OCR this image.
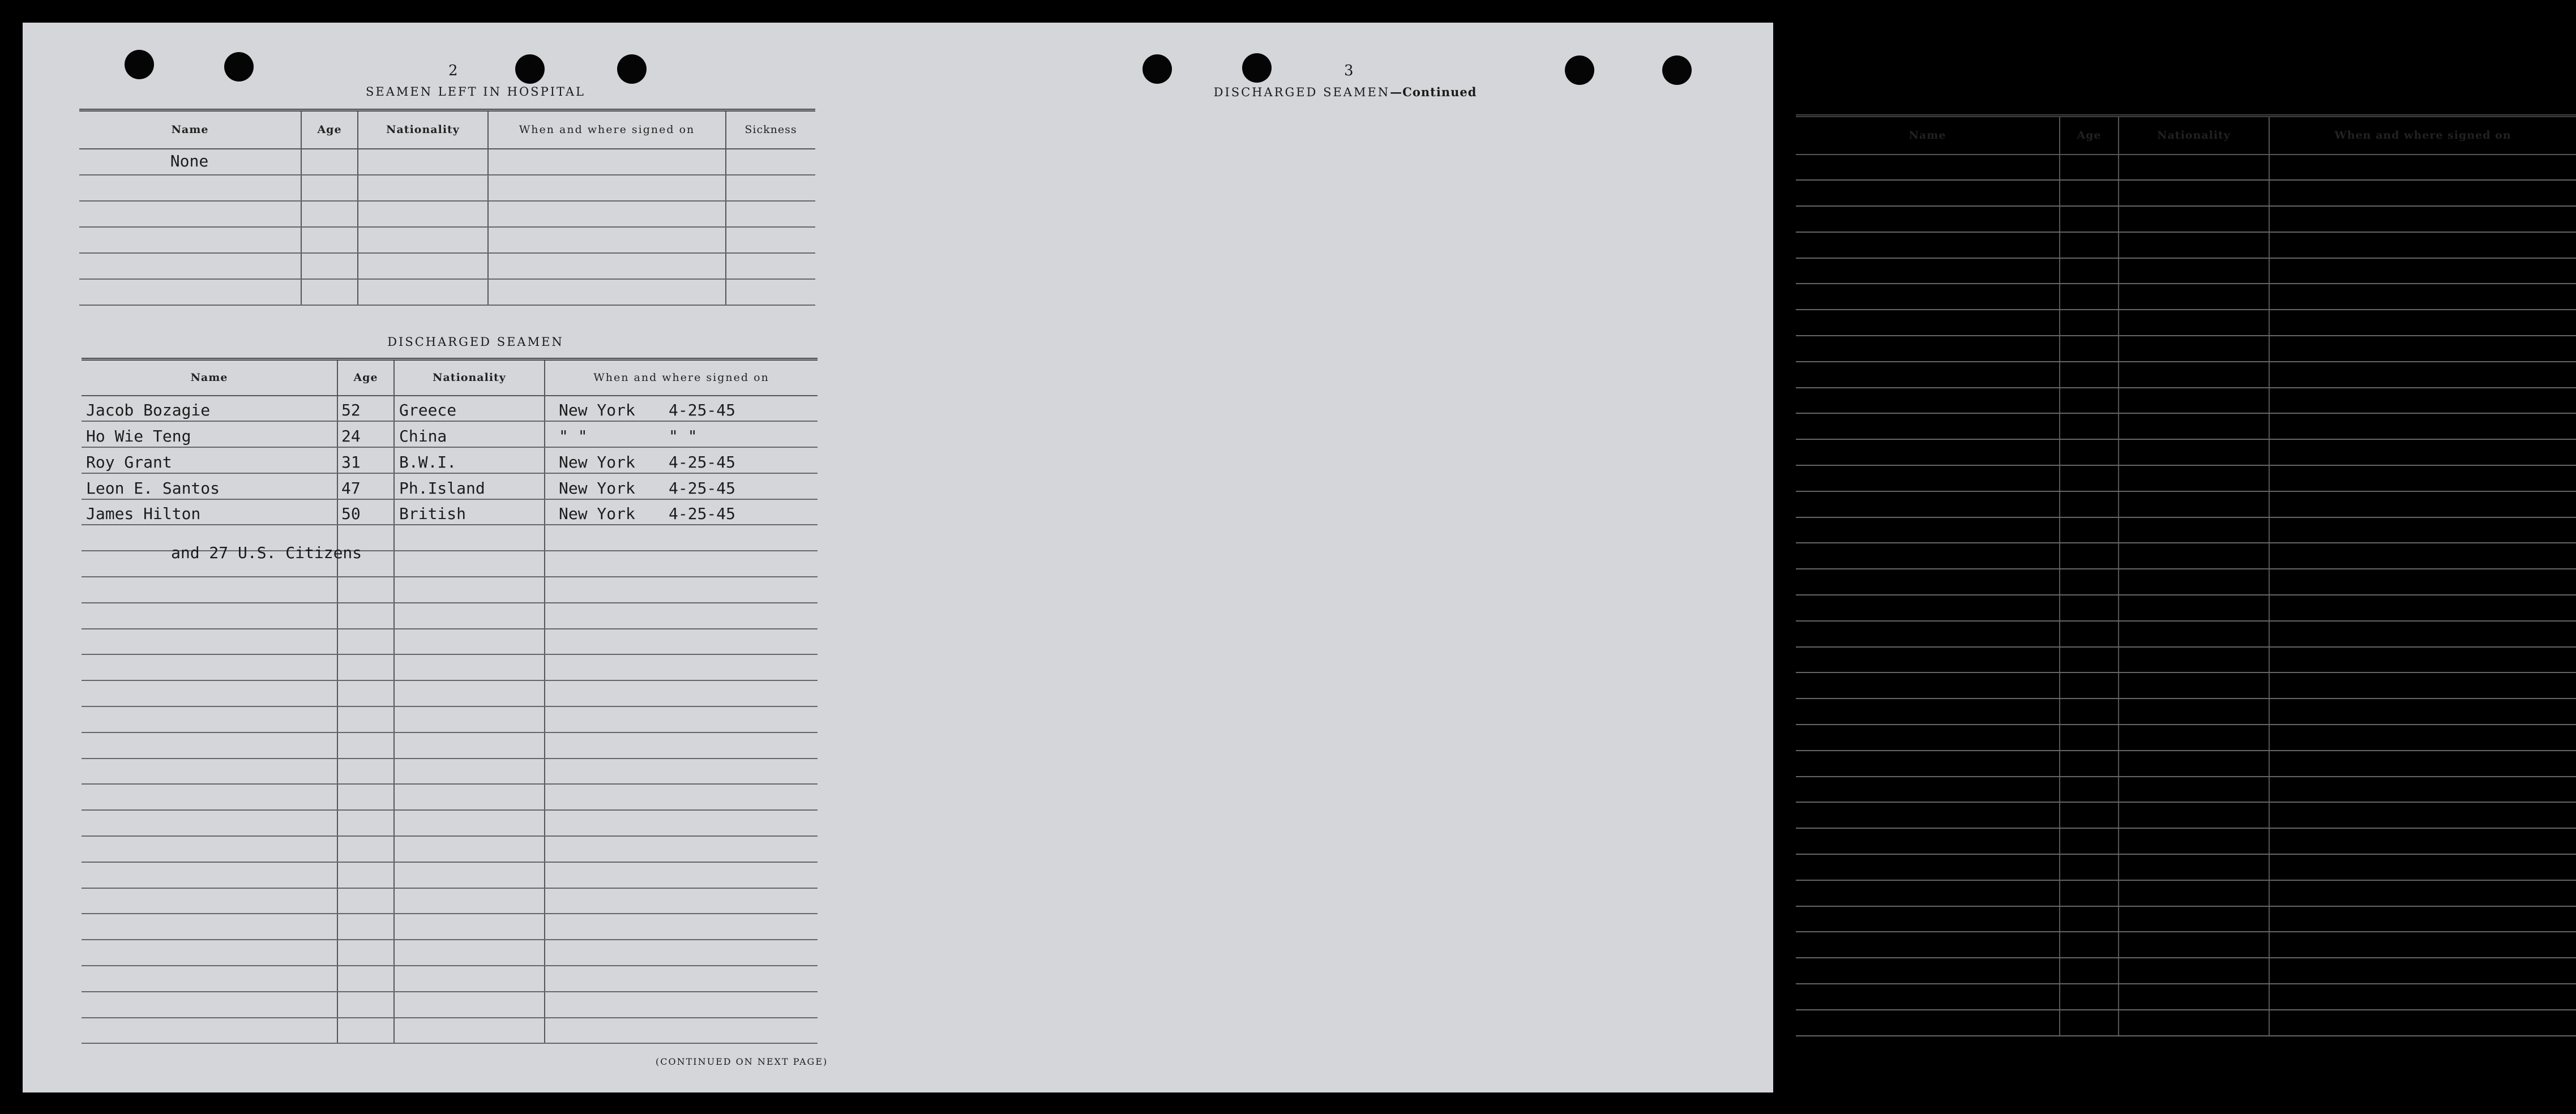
2
SEAMEN LEFT IN HOSPITAL
Name	Age	Nationality	When and where signed on	Sickness
None				

DISCHARGED SEAMEN
Name	Age	Nationality	When and where signed on
Jacob Bozagie	52	Greece	New York 4-25-45
Ho Wie Teng	24	China	" " " "
Roy Grant	31	B.W.I.	New York 4-25-45
Leon E. Santos	47	Ph.Island	New York 4-25-45
James Hilton	50	British	New York 4-25-45

and 27 U.S. Citizens
(CONTINUED ON NEXT PAGE)
3
DISCHARGED SEAMEN—Continued
Name	Age	Nationality	When and where signed on
